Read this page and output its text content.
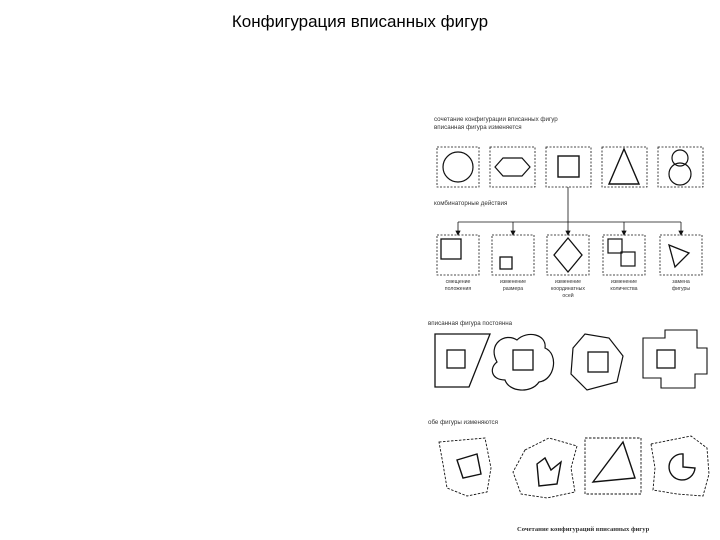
Конфигурация вписанных фигур
сочетание конфигурации вписанных фигур
вписанная фигура изменяется
комбинаторные действия
смещение
положения
изменение
размера
изменение
координатных
осей
изменение
количества
замена
фигуры
вписанная фигура постоянна
обе фигуры изменяются
Сочетание конфигураций вписанных фигур
